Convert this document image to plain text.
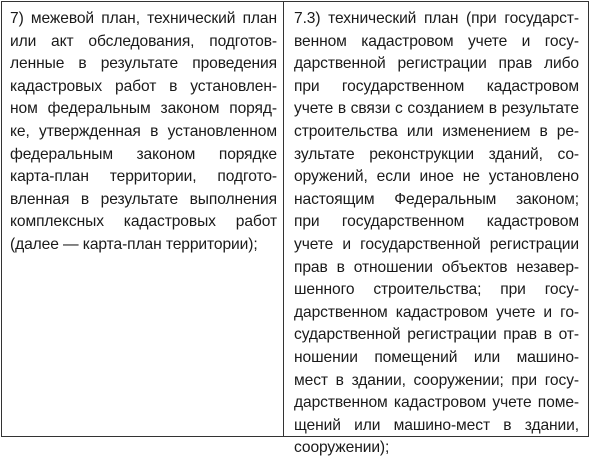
7) межевой план, технический план
или акт обследования, подготов-
ленные в результате проведения
кадастровых работ в установлен-
ном федеральным законом поряд-
ке, утвержденная в установленном
федеральным законом порядке
карта-план территории, подгото-
вленная в результате выполнения
комплексных кадастровых работ
(далее — карта-план территории);
7.3) технический план (при государст-
венном кадастровом учете и госу-
дарственной регистрации прав либо
при государственном кадастровом
учете в связи с созданием в результате
строительства или изменением в ре-
зультате реконструкции зданий, со-
оружений, если иное не установлено
настоящим Федеральным законом;
при государственном кадастровом
учете и государственной регистрации
прав в отношении объектов незавер-
шенного строительства; при госу-
дарственном кадастровом учете и го-
сударственной регистрации прав в от-
ношении помещений или машино-
мест в здании, сооружении; при госу-
дарственном кадастровом учете поме-
щений или машино-мест в здании,
сооружении);
